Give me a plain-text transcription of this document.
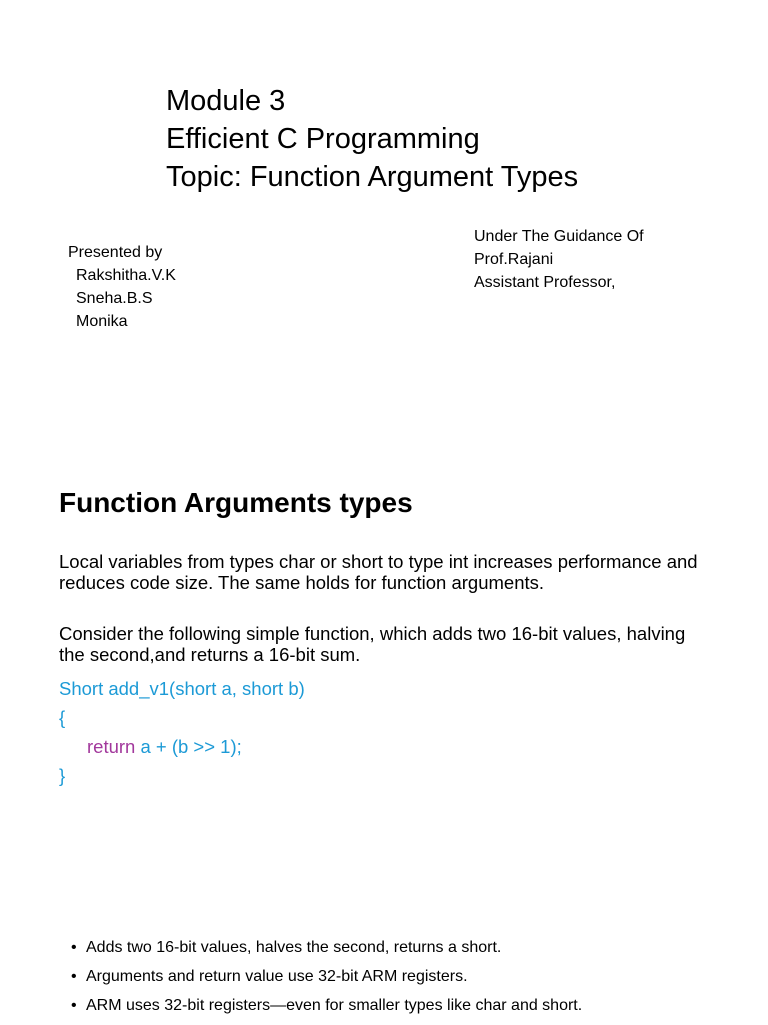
Module 3
Efficient C Programming
Topic: Function Argument Types
Presented by
Rakshitha.V.K
Sneha.B.S
Monika
Under The Guidance Of
Prof.Rajani
Assistant Professor,
Function Arguments types

Local variables from types char or short to type int increases performance and reduces code size. The same holds for function arguments.

Consider the following simple function, which adds two 16-bit values, halving the second,and returns a 16-bit sum.

Short add_v1(short a, short b)
{
return a + (b >> 1);
}
• Adds two 16-bit values, halves the second, returns a short.
• Arguments and return value use 32-bit ARM registers.
• ARM uses 32-bit registers—even for smaller types like char and short.
